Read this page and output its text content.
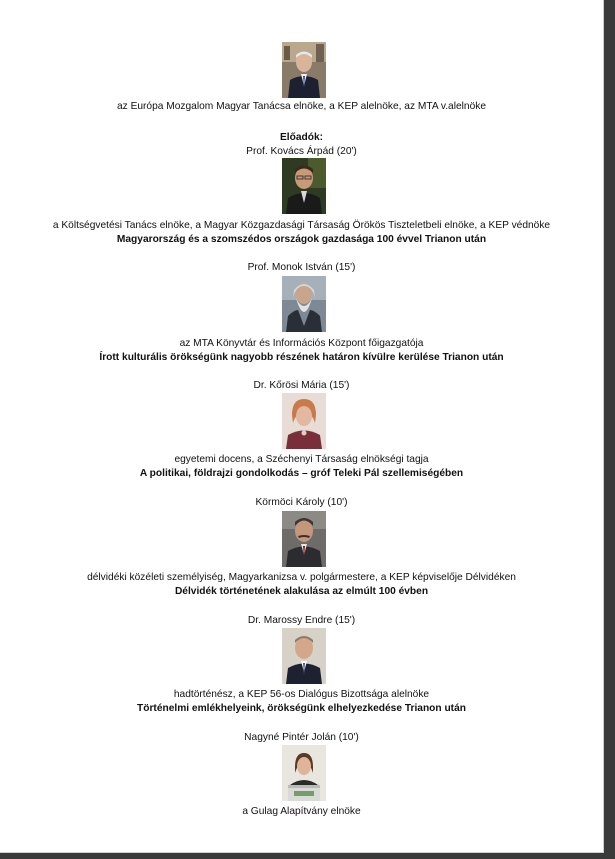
az Európa Mozgalom Magyar Tanácsa elnöke, a KEP alelnöke, az MTA v.alelnöke
Előadók:
Prof. Kovács Árpád (20')
a Költségvetési Tanács elnöke, a Magyar Közgazdasági Társaság Örökös Tiszteletbeli elnöke, a KEP védnöke
Magyarország és a szomszédos országok gazdasága 100 évvel Trianon után
Prof. Monok István (15')
az MTA Könyvtár és Információs Központ főigazgatója
Írott kulturális örökségünk nagyobb részének határon kívülre kerülése Trianon után
Dr. Kőrösi Mária (15')
egyetemi docens, a Széchenyi Társaság elnökségi tagja
A politikai, földrajzi gondolkodás – gróf Teleki Pál szellemiségében
Körmöci Károly (10')
délvidéki közéleti személyiség, Magyarkanizsa v. polgármestere, a KEP képviselője Délvidéken
Délvidék történetének alakulása az elmúlt 100 évben
Dr. Marossy Endre (15')
hadtörténész, a KEP 56-os Dialógus Bizottsága alelnöke
Történelmi emlékhelyeink, örökségünk elhelyezkedése Trianon után
Nagyné Pintér Jolán (10')
a Gulag Alapítvány elnöke
